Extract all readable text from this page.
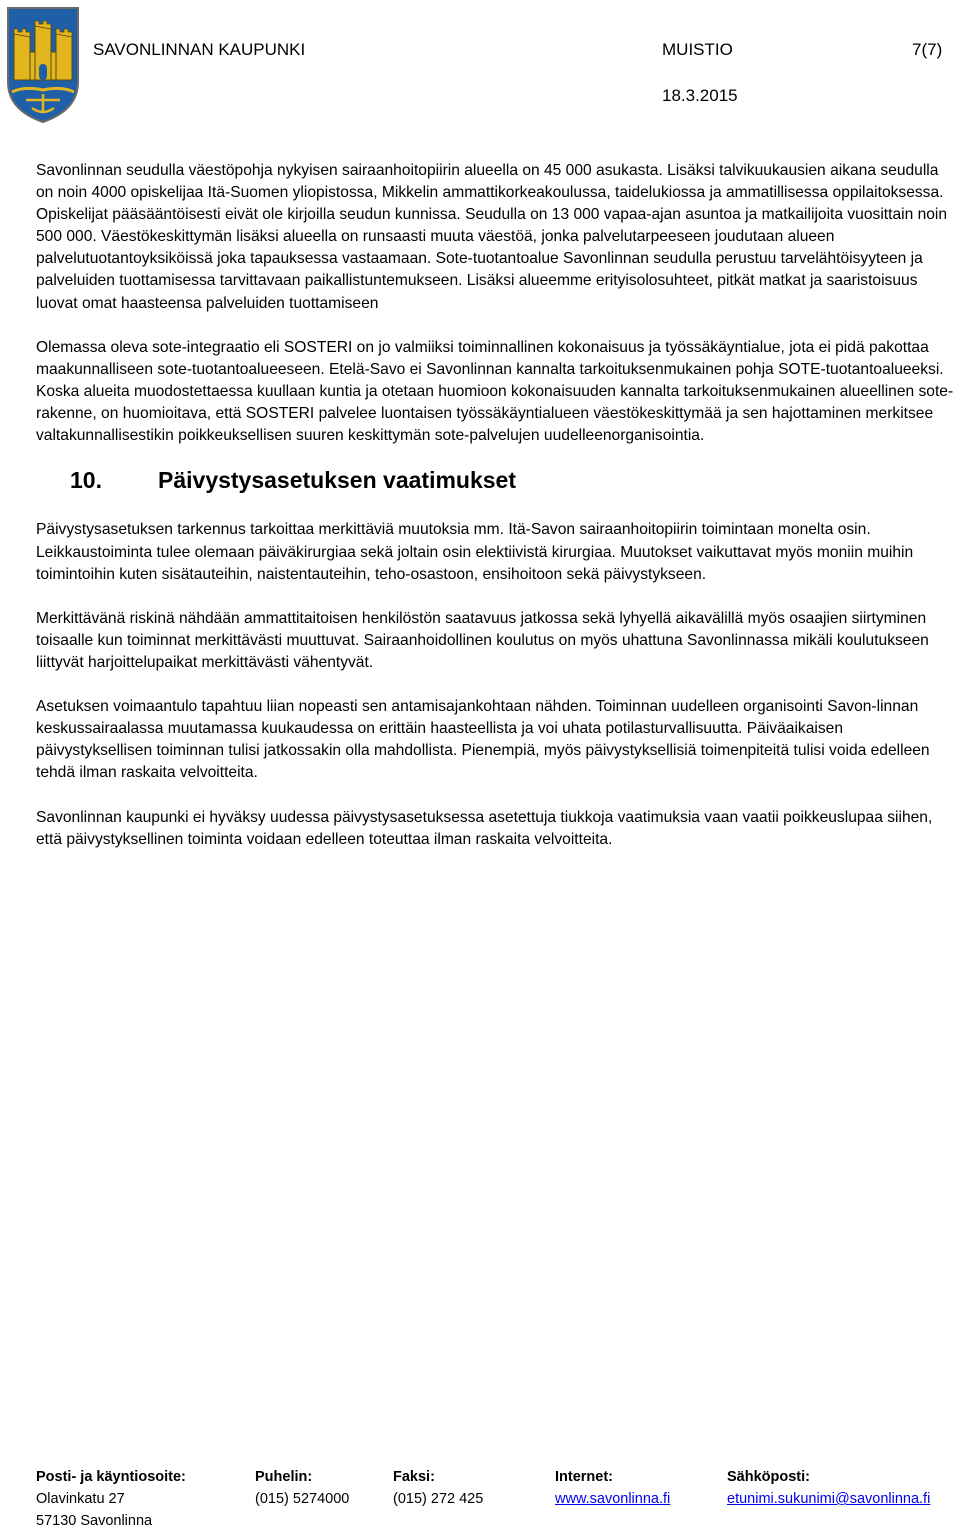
SAVONLINNAN KAUPUNKI	MUISTIO	7(7)
18.3.2015

Savonlinnan seudulla väestöpohja nykyisen sairaanhoitopiirin alueella on 45 000 asukasta. Lisäksi talvikuukausien aikana seudulla on noin 4000 opiskelijaa Itä-Suomen yliopistossa, Mikkelin ammattikorkeakoulussa, taidelukiossa ja ammatillisessa oppilaitoksessa. Opiskelijat pääsääntöisesti eivät ole kirjoilla seudun kunnissa. Seudulla on 13 000 vapaa-ajan asuntoa ja matkailijoita vuosittain noin 500 000. Väestökeskittymän lisäksi alueella on runsaasti muuta väestöä, jonka palvelutarpeeseen joudutaan alueen palvelutuotantoyksiköissä joka tapauksessa vastaamaan. Sote-tuotantoalue Savonlinnan seudulla perustuu tarvelähtöisyyteen ja palveluiden tuottamisessa tarvittavaan paikallistuntemukseen. Lisäksi alueemme erityisolosuhteet, pitkät matkat ja saaristoisuus luovat omat haasteensa palveluiden tuottamiseen

Olemassa oleva sote-integraatio eli SOSTERI on jo valmiiksi toiminnallinen kokonaisuus ja työssäkäyntialue, jota ei pidä pakottaa maakunnalliseen sote-tuotantoalueeseen. Etelä-Savo ei Savonlinnan kannalta tarkoituksenmukainen pohja SOTE-tuotantoalueeksi. Koska alueita muodostettaessa kuullaan kuntia ja otetaan huomioon kokonaisuuden kannalta tarkoituksenmukainen alueellinen sote-rakenne, on huomioitava, että SOSTERI palvelee luontaisen työssäkäyntialueen väestökeskittymää ja sen hajottaminen merkitsee valtakunnallisestikin poikkeuksellisen suuren keskittymän sote-palvelujen uudelleenorganisointia.

10.	Päivystysasetuksen vaatimukset

Päivystysasetuksen tarkennus tarkoittaa merkittäviä muutoksia mm. Itä-Savon sairaanhoitopiirin toimintaan monelta osin. Leikkaustoiminta tulee olemaan päiväkirurgiaa sekä joltain osin elektiivistä kirurgiaa. Muutokset vaikuttavat myös moniin muihin toimintoihin kuten sisätauteihin, naistentauteihin, teho-osastoon, ensihoitoon sekä päivystykseen.

Merkittävänä riskinä nähdään ammattitaitoisen henkilöstön saatavuus jatkossa sekä lyhyellä aikavälillä myös osaajien siirtyminen toisaalle kun toiminnat merkittävästi muuttuvat. Sairaanhoidollinen koulutus on myös uhattuna Savonlinnassa mikäli koulutukseen liittyvät harjoittelupaikat merkittävästi vähentyvät.

Asetuksen voimaantulo tapahtuu liian nopeasti sen antamisajankohtaan nähden. Toiminnan uudelleen organisointi Savon-linnan keskussairaalassa muutamassa kuukaudessa on erittäin haasteellista ja voi uhata potilasturvallisuutta. Päiväaikaisen päivystyksellisen toiminnan tulisi jatkossakin olla mahdollista. Pienempiä, myös päivystyksellisiä toimenpiteitä tulisi voida edelleen tehdä ilman raskaita velvoitteita.

Savonlinnan kaupunki ei hyväksy uudessa päivystysasetuksessa asetettuja tiukkoja vaatimuksia vaan vaatii poikkeuslupaa siihen, että päivystyksellinen toiminta voidaan edelleen toteuttaa ilman raskaita velvoitteita.

Posti- ja käyntiosoite:
Olavinkatu 27
57130 Savonlinna
Puhelin:
(015) 5274000
Faksi:
(015) 272 425
Internet:
www.savonlinna.fi
Sähköposti:
etunimi.sukunimi@savonlinna.fi
